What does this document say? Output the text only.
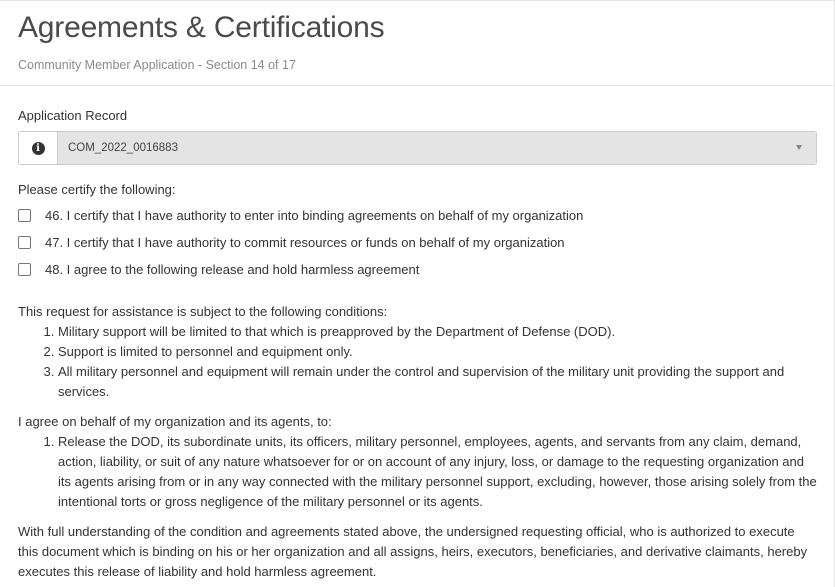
Agreements & Certifications
Community Member Application - Section 14 of 17
Application Record
i	COM_2022_0016883
Please certify the following:
46. I certify that I have authority to enter into binding agreements on behalf of my organization
47. I certify that I have authority to commit resources or funds on behalf of my organization
48. I agree to the following release and hold harmless agreement
This request for assistance is subject to the following conditions:
1. Military support will be limited to that which is preapproved by the Department of Defense (DOD).
2. Support is limited to personnel and equipment only.
3. All military personnel and equipment will remain under the control and supervision of the military unit providing the support and services.
I agree on behalf of my organization and its agents, to:
1. Release the DOD, its subordinate units, its officers, military personnel, employees, agents, and servants from any claim, demand, action, liability, or suit of any nature whatsoever for or on account of any injury, loss, or damage to the requesting organization and its agents arising from or in any way connected with the military personnel support, excluding, however, those arising solely from the intentional torts or gross negligence of the military personnel or its agents.
With full understanding of the condition and agreements stated above, the undersigned requesting official, who is authorized to execute this document which is binding on his or her organization and all assigns, heirs, executors, beneficiaries, and derivative claimants, hereby executes this release of liability and hold harmless agreement.
